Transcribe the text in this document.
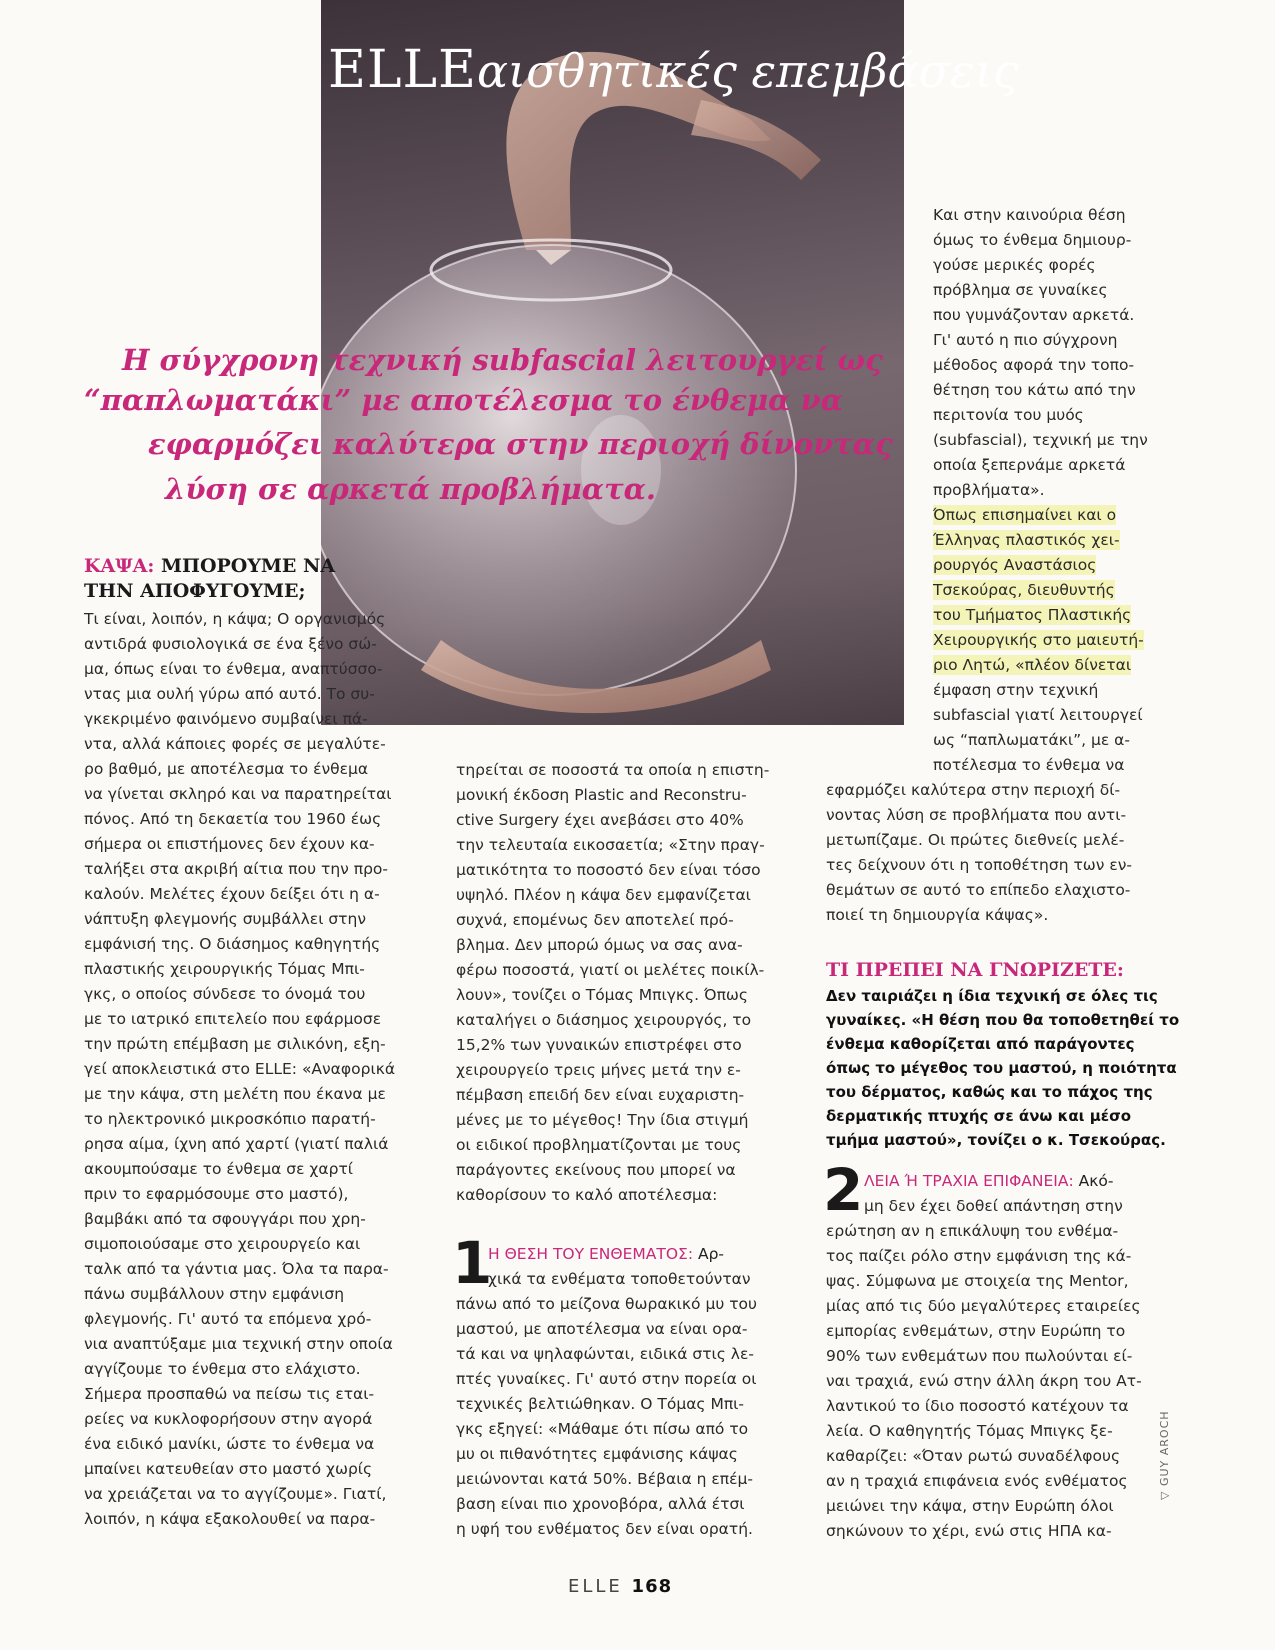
ELLEαισθητικές επεμβάσεις
Η σύγχρονη τεχνική subfascial λειτουργεί ως
“παπλωματάκι” με αποτέλεσμα το ένθεμα να
εφαρμόζει καλύτερα στην περιοχή δίνοντας
λύση σε αρκετά προβλήματα.
ΚΑΨΑ: ΜΠΟΡΟΥΜΕ ΝΑ
ΤΗΝ ΑΠΟΦΥΓΟΥΜΕ;
Τι είναι, λοιπόν, η κάψα; Ο οργανισμός
αντιδρά φυσιολογικά σε ένα ξένο σώ-
μα, όπως είναι το ένθεμα, αναπτύσσο-
ντας μια ουλή γύρω από αυτό. Το συ-
γκεκριμένο φαινόμενο συμβαίνει πά-
ντα, αλλά κάποιες φορές σε μεγαλύτε-
ρο βαθμό, με αποτέλεσμα το ένθεμα
να γίνεται σκληρό και να παρατηρείται
πόνος. Από τη δεκαετία του 1960 έως
σήμερα οι επιστήμονες δεν έχουν κα-
ταλήξει στα ακριβή αίτια που την προ-
καλούν. Μελέτες έχουν δείξει ότι η α-
νάπτυξη φλεγμονής συμβάλλει στην
εμφάνισή της. Ο διάσημος καθηγητής
πλαστικής χειρουργικής Τόμας Μπι-
γκς, ο οποίος σύνδεσε το όνομά του
με το ιατρικό επιτελείο που εφάρμοσε
την πρώτη επέμβαση με σιλικόνη, εξη-
γεί αποκλειστικά στο ELLE: «Αναφορικά
με την κάψα, στη μελέτη που έκανα με
το ηλεκτρονικό μικροσκόπιο παρατή-
ρησα αίμα, ίχνη από χαρτί (γιατί παλιά
ακουμπούσαμε το ένθεμα σε χαρτί
πριν το εφαρμόσουμε στο μαστό),
βαμβάκι από τα σφουγγάρι που χρη-
σιμοποιούσαμε στο χειρουργείο και
ταλκ από τα γάντια μας. Όλα τα παρα-
πάνω συμβάλλουν στην εμφάνιση
φλεγμονής. Γι' αυτό τα επόμενα χρό-
νια αναπτύξαμε μια τεχνική στην οποία
αγγίζουμε το ένθεμα στο ελάχιστο.
Σήμερα προσπαθώ να πείσω τις εται-
ρείες να κυκλοφορήσουν στην αγορά
ένα ειδικό μανίκι, ώστε το ένθεμα να
μπαίνει κατευθείαν στο μαστό χωρίς
να χρειάζεται να το αγγίζουμε». Γιατί,
λοιπόν, η κάψα εξακολουθεί να παρα-
τηρείται σε ποσοστά τα οποία η επιστη-
μονική έκδοση Plastic and Reconstru-
ctive Surgery έχει ανεβάσει στο 40%
την τελευταία εικοσαετία; «Στην πραγ-
ματικότητα το ποσοστό δεν είναι τόσο
υψηλό. Πλέον η κάψα δεν εμφανίζεται
συχνά, επομένως δεν αποτελεί πρό-
βλημα. Δεν μπορώ όμως να σας ανα-
φέρω ποσοστά, γιατί οι μελέτες ποικίλ-
λουν», τονίζει ο Τόμας Μπιγκς. Όπως
καταλήγει ο διάσημος χειρουργός, το
15,2% των γυναικών επιστρέφει στο
χειρουργείο τρεις μήνες μετά την ε-
πέμβαση επειδή δεν είναι ευχαριστη-
μένες με το μέγεθος! Την ίδια στιγμή
οι ειδικοί προβληματίζονται με τους
παράγοντες εκείνους που μπορεί να
καθορίσουν το καλό αποτέλεσμα:
1
Η ΘΕΣΗ ΤΟΥ ΕΝΘΕΜΑΤΟΣ: Αρ-
χικά τα ενθέματα τοποθετούνταν
πάνω από το μείζονα θωρακικό μυ του
μαστού, με αποτέλεσμα να είναι ορα-
τά και να ψηλαφώνται, ειδικά στις λε-
πτές γυναίκες. Γι' αυτό στην πορεία οι
τεχνικές βελτιώθηκαν. Ο Τόμας Μπι-
γκς εξηγεί: «Μάθαμε ότι πίσω από το
μυ οι πιθανότητες εμφάνισης κάψας
μειώνονται κατά 50%. Βέβαια η επέμ-
βαση είναι πιο χρονοβόρα, αλλά έτσι
η υφή του ενθέματος δεν είναι ορατή.
Και στην καινούρια θέση
όμως το ένθεμα δημιουρ-
γούσε μερικές φορές
πρόβλημα σε γυναίκες
που γυμνάζονταν αρκετά.
Γι' αυτό η πιο σύγχρονη
μέθοδος αφορά την τοπο-
θέτηση του κάτω από την
περιτονία του μυός
(subfascial), τεχνική με την
οποία ξεπερνάμε αρκετά
προβλήματα».
Όπως επισημαίνει και ο
Έλληνας πλαστικός χει-
ρουργός Αναστάσιος
Τσεκούρας, διευθυντής
του Τμήματος Πλαστικής
Χειρουργικής στο μαιευτή-
ριο Λητώ, «πλέον δίνεται
έμφαση στην τεχνική
subfascial γιατί λειτουργεί
ως “παπλωματάκι”, με α-
ποτέλεσμα το ένθεμα να
εφαρμόζει καλύτερα στην περιοχή δί-
νοντας λύση σε προβλήματα που αντι-
μετωπίζαμε. Οι πρώτες διεθνείς μελέ-
τες δείχνουν ότι η τοποθέτηση των εν-
θεμάτων σε αυτό το επίπεδο ελαχιστο-
ποιεί τη δημιουργία κάψας».
ΤΙ ΠΡΕΠΕΙ ΝΑ ΓΝΩΡΙΖΕΤΕ:
Δεν ταιριάζει η ίδια τεχνική σε όλες τις
γυναίκες. «Η θέση που θα τοποθετηθεί το
ένθεμα καθορίζεται από παράγοντες
όπως το μέγεθος του μαστού, η ποιότητα
του δέρματος, καθώς και το πάχος της
δερματικής πτυχής σε άνω και μέσο
τμήμα μαστού», τονίζει ο κ. Τσεκούρας.
2 ΛΕΙΑ Ή ΤΡΑΧΙΑ ΕΠΙΦΑΝΕΙΑ: Ακό-
μη δεν έχει δοθεί απάντηση στην
ερώτηση αν η επικάλυψη του ενθέμα-
τος παίζει ρόλο στην εμφάνιση της κά-
ψας. Σύμφωνα με στοιχεία της Mentor,
μίας από τις δύο μεγαλύτερες εταιρείες
εμπορίας ενθεμάτων, στην Ευρώπη το
90% των ενθεμάτων που πωλούνται εί-
ναι τραχιά, ενώ στην άλλη άκρη του Ατ-
λαντικού το ίδιο ποσοστό κατέχουν τα
λεία. Ο καθηγητής Τόμας Μπιγκς ξε-
καθαρίζει: «Όταν ρωτώ συναδέλφους
αν η τραχιά επιφάνεια ενός ενθέματος
μειώνει την κάψα, στην Ευρώπη όλοι
σηκώνουν το χέρι, ενώ στις ΗΠΑ κα-
▽ GUY AROCH
ELLE 168
